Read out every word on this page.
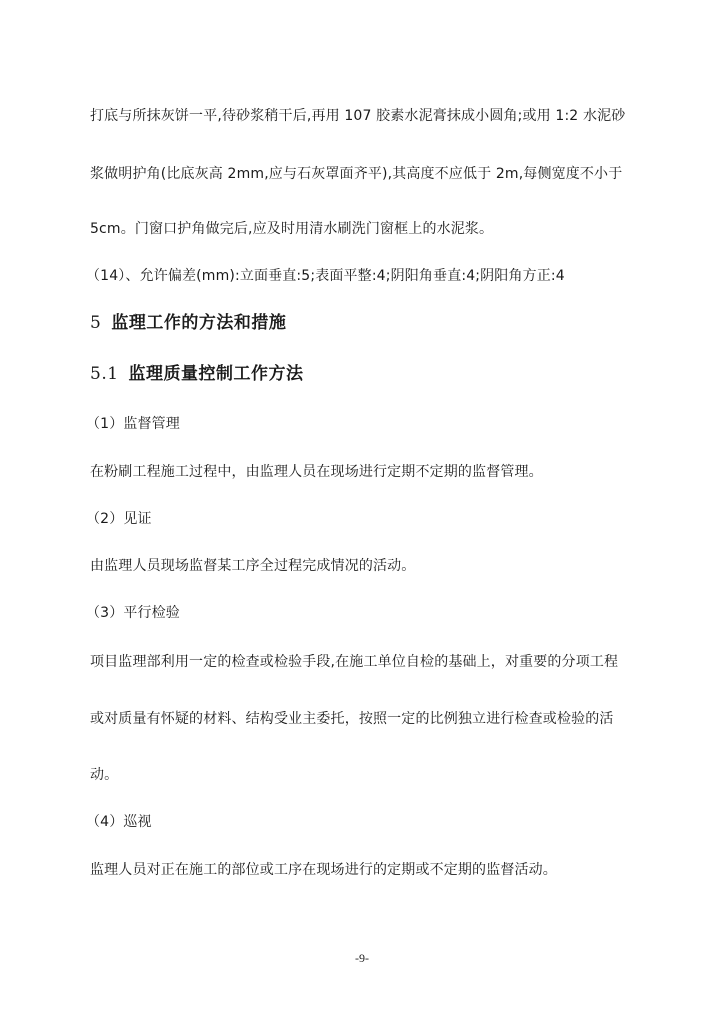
打底与所抹灰饼一平,待砂浆稍干后,再用 107 胶素水泥膏抹成小圆角;或用 1:2 水泥砂
浆做明护角(比底灰高 2mm,应与石灰罩面齐平),其高度不应低于 2m,每侧宽度不小于
5cm。门窗口护角做完后,应及时用清水刷洗门窗框上的水泥浆。
（14）、允许偏差(mm):立面垂直:5;表面平整:4;阴阳角垂直:4;阴阳角方正:4
5 监理工作的方法和措施
5.1 监理质量控制工作方法
（1）监督管理
在粉刷工程施工过程中，由监理人员在现场进行定期不定期的监督管理。
（2）见证
由监理人员现场监督某工序全过程完成情况的活动。
（3）平行检验
项目监理部利用一定的检查或检验手段,在施工单位自检的基础上，对重要的分项工程
或对质量有怀疑的材料、结构受业主委托，按照一定的比例独立进行检查或检验的活
动。
（4）巡视
监理人员对正在施工的部位或工序在现场进行的定期或不定期的监督活动。
-9-
